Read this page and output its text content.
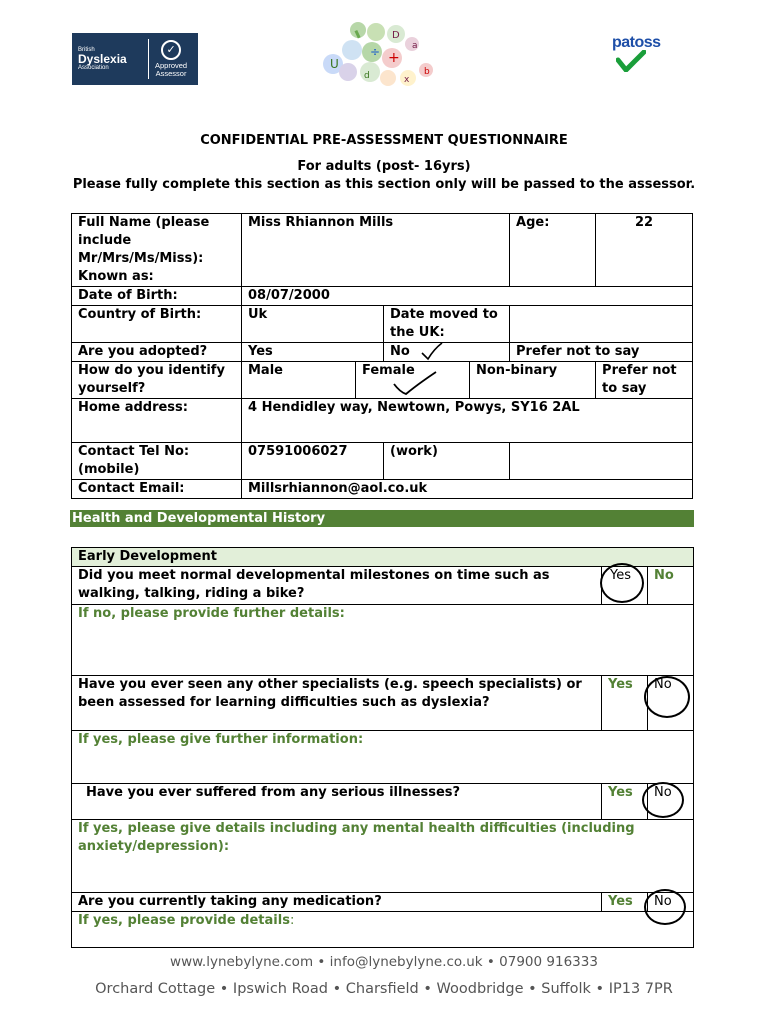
British
Dyslexia
Association
✓
Approved
Assessor
U
÷ +
D
a
b
d	x
patoss
CONFIDENTIAL PRE-ASSESSMENT QUESTIONNAIRE
For adults (post- 16yrs)
Please fully complete this section as this section only will be passed to the assessor.
Full Name (please include Mr/Mrs/Ms/Miss): Known as:	Miss Rhiannon Mills				Age:	22
Date of Birth:	08/07/2000					
Country of Birth:	Uk		Date moved to the UK:			
Are you adopted?	Yes		No		Prefer not to say	
How do you identify yourself?	Male	Female		Non-binary		Prefer not to say
Home address:	4 Hendidley way, Newtown, Powys, SY16 2AL					
Contact Tel No: (mobile)	07591006027		(work)			
Contact Email:	Millsrhiannon@aol.co.uk					
Health and Developmental History
Early Development		
Did you meet normal developmental milestones on time such as walking, talking, riding a bike?	Yes	No
If no, please provide further details:		
Have you ever seen any other specialists (e.g. speech specialists) or been assessed for learning difficulties such as dyslexia?	Yes	No

If yes, please give further information:		
Have you ever suffered from any serious illnesses?	Yes	No

If yes, please give details including any mental health difficulties (including anxiety/depression):		
Are you currently taking any medication?	Yes	No

If yes, please provide details:		
www.lynebylyne.com • info@lynebylyne.co.uk • 07900 916333
Orchard Cottage • Ipswich Road • Charsfield • Woodbridge • Suffolk • IP13 7PR
